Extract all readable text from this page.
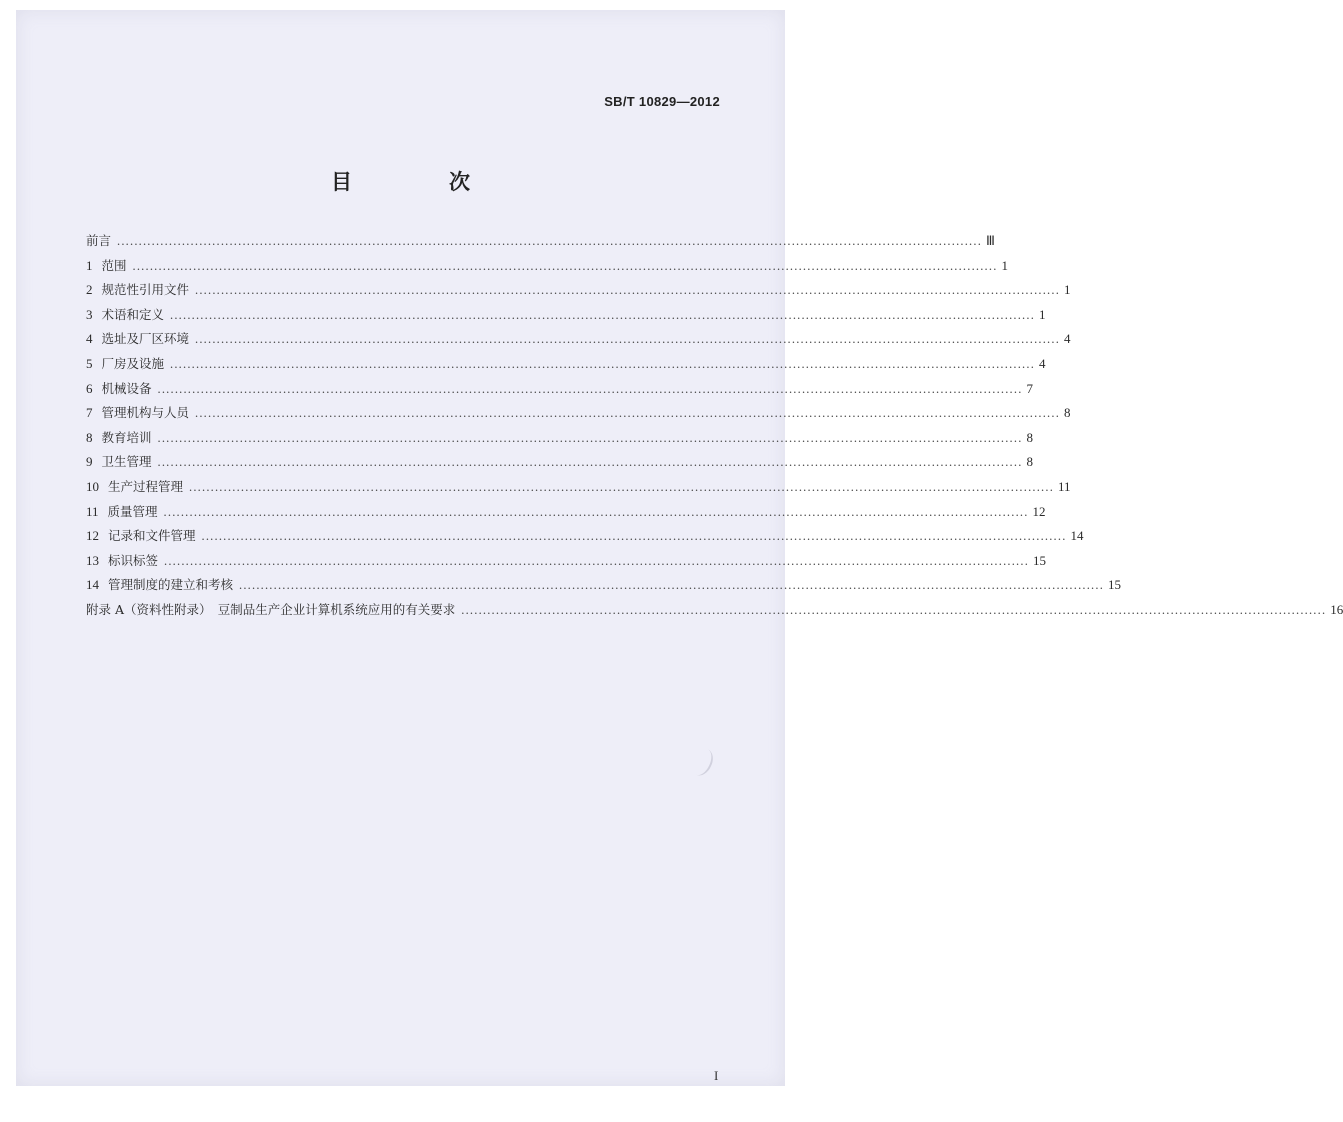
SB/T 10829—2012
目　次
前言 ........................................................................................................................................................................................................ Ⅲ
1 范围 ........................................................................................................................................................................................................ 1
2 规范性引用文件 ........................................................................................................................................................................................................ 1
3 术语和定义 ........................................................................................................................................................................................................ 1
4 选址及厂区环境 ........................................................................................................................................................................................................ 4
5 厂房及设施 ........................................................................................................................................................................................................ 4
6 机械设备 ........................................................................................................................................................................................................ 7
7 管理机构与人员 ........................................................................................................................................................................................................ 8
8 教育培训 ........................................................................................................................................................................................................ 8
9 卫生管理 ........................................................................................................................................................................................................ 8
10 生产过程管理 ........................................................................................................................................................................................................ 11
11 质量管理 ........................................................................................................................................................................................................ 12
12 记录和文件管理 ........................................................................................................................................................................................................ 14
13 标识标签 ........................................................................................................................................................................................................ 15
14 管理制度的建立和考核 ........................................................................................................................................................................................................ 15
附录 A（资料性附录）　豆制品生产企业计算机系统应用的有关要求 ........................................................................................................................................................................................................ 16
I
